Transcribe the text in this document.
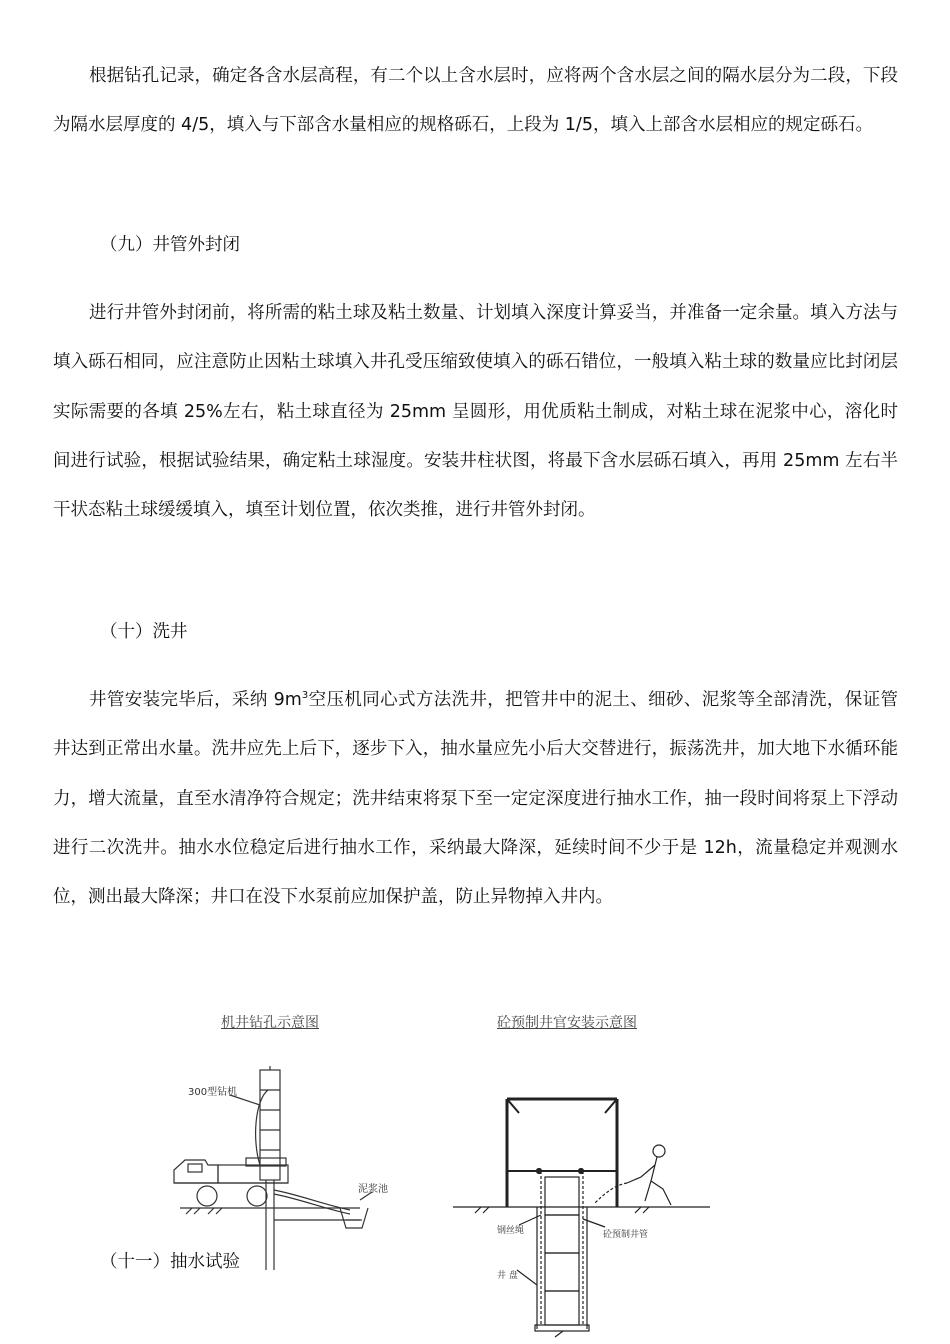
根据钻孔记录，确定各含水层高程，有二个以上含水层时，应将两个含水层之间的隔水层分为二段，下段为隔水层厚度的 4/5，填入与下部含水量相应的规格砾石，上段为 1/5，填入上部含水层相应的规定砾石。

（九）井管外封闭

进行井管外封闭前，将所需的粘土球及粘土数量、计划填入深度计算妥当，并准备一定余量。填入方法与填入砾石相同，应注意防止因粘土球填入井孔受压缩致使填入的砾石错位，一般填入粘土球的数量应比封闭层实际需要的各填 25%左右，粘土球直径为 25mm 呈圆形，用优质粘土制成，对粘土球在泥浆中心，溶化时间进行试验，根据试验结果，确定粘土球湿度。安装井柱状图，将最下含水层砾石填入，再用 25mm 左右半干状态粘土球缓缓填入，填至计划位置，依次类推，进行井管外封闭。

（十）洗井

井管安装完毕后，采纳 $9m^3$空压机同心式方法洗井，把管井中的泥土、细砂、泥浆等全部清洗，保证管井达到正常出水量。洗井应先上后下，逐步下入，抽水量应先小后大交替进行，振荡洗井，加大地下水循环能力，增大流量，直至水清净符合规定；洗井结束将泵下至一定定深度进行抽水工作，抽一段时间将泵上下浮动进行二次洗井。抽水水位稳定后进行抽水工作，采纳最大降深，延续时间不少于是 12h，流量稳定并观测水位，测出最大降深；井口在没下水泵前应加保护盖，防止异物掉入井内。

机井钻孔示意图	砼预制井官安装示意图
300型钻机
泥浆池
钢丝绳	砼预制井管
井 盘

（十一）抽水试验
